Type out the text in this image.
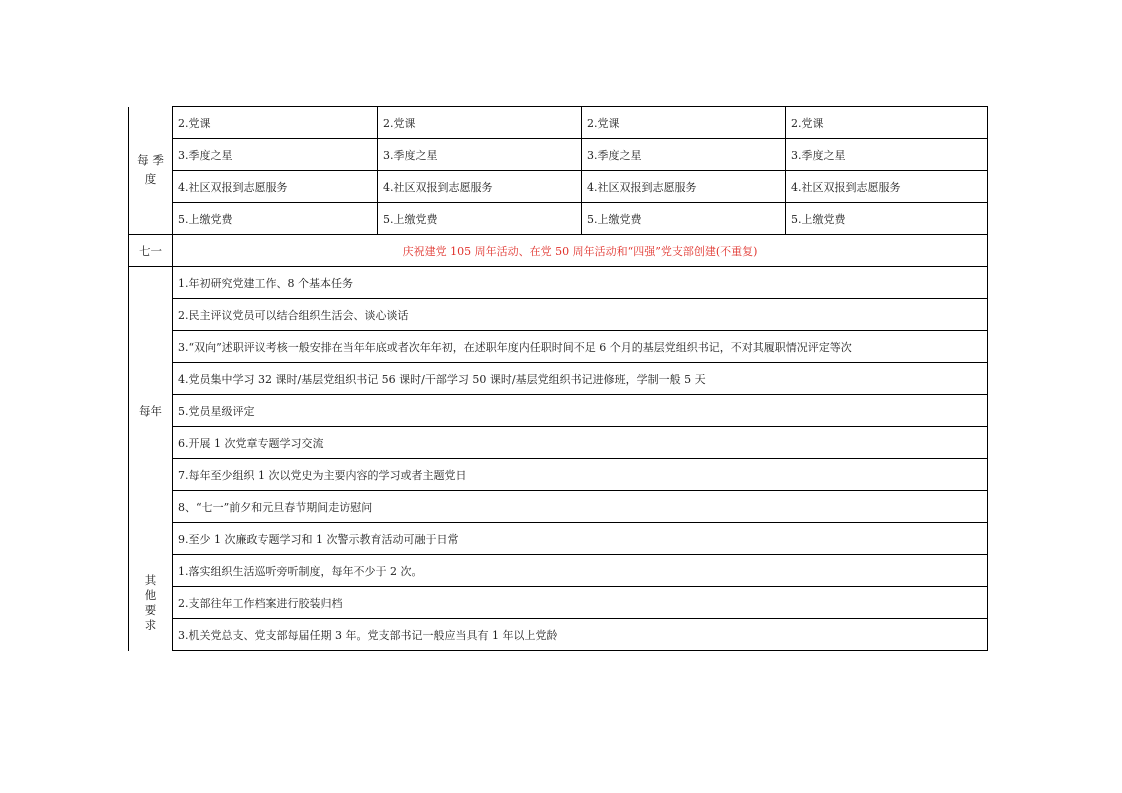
每 季
度	2.党课	2.党课	2.党课	2.党课
	3.季度之星	3.季度之星	3.季度之星	3.季度之星
	4.社区双报到志愿服务	4.社区双报到志愿服务	4.社区双报到志愿服务	4.社区双报到志愿服务
	5.上缴党费	5.上缴党费	5.上缴党费	5.上缴党费
七一	庆祝建党 105 周年活动、在党 50 周年活动和“四强”党支部创建(不重复)			
每年	1.年初研究党建工作、8 个基本任务			
	2.民主评议党员可以结合组织生活会、谈心谈话			
	3.“双向”述职评议考核一般安排在当年年底或者次年年初，在述职年度内任职时间不足 6 个月的基层党组织书记，不对其履职情况评定等次			
	4.党员集中学习 32 课时/基层党组织书记 56 课时/干部学习 50 课时/基层党组织书记进修班，学制一般 5 天			
	5.党员星级评定			
	6.开展 1 次党章专题学习交流			
	7.每年至少组织 1 次以党史为主要内容的学习或者主题党日			
	8、“七一”前夕和元旦春节期间走访慰问			
	9.至少 1 次廉政专题学习和 1 次警示教育活动可融于日常			
其他要求	1.落实组织生活巡听旁听制度，每年不少于 2 次。			
	2.支部往年工作档案进行胶装归档			
	3.机关党总支、党支部每届任期 3 年。党支部书记一般应当具有 1 年以上党龄			
